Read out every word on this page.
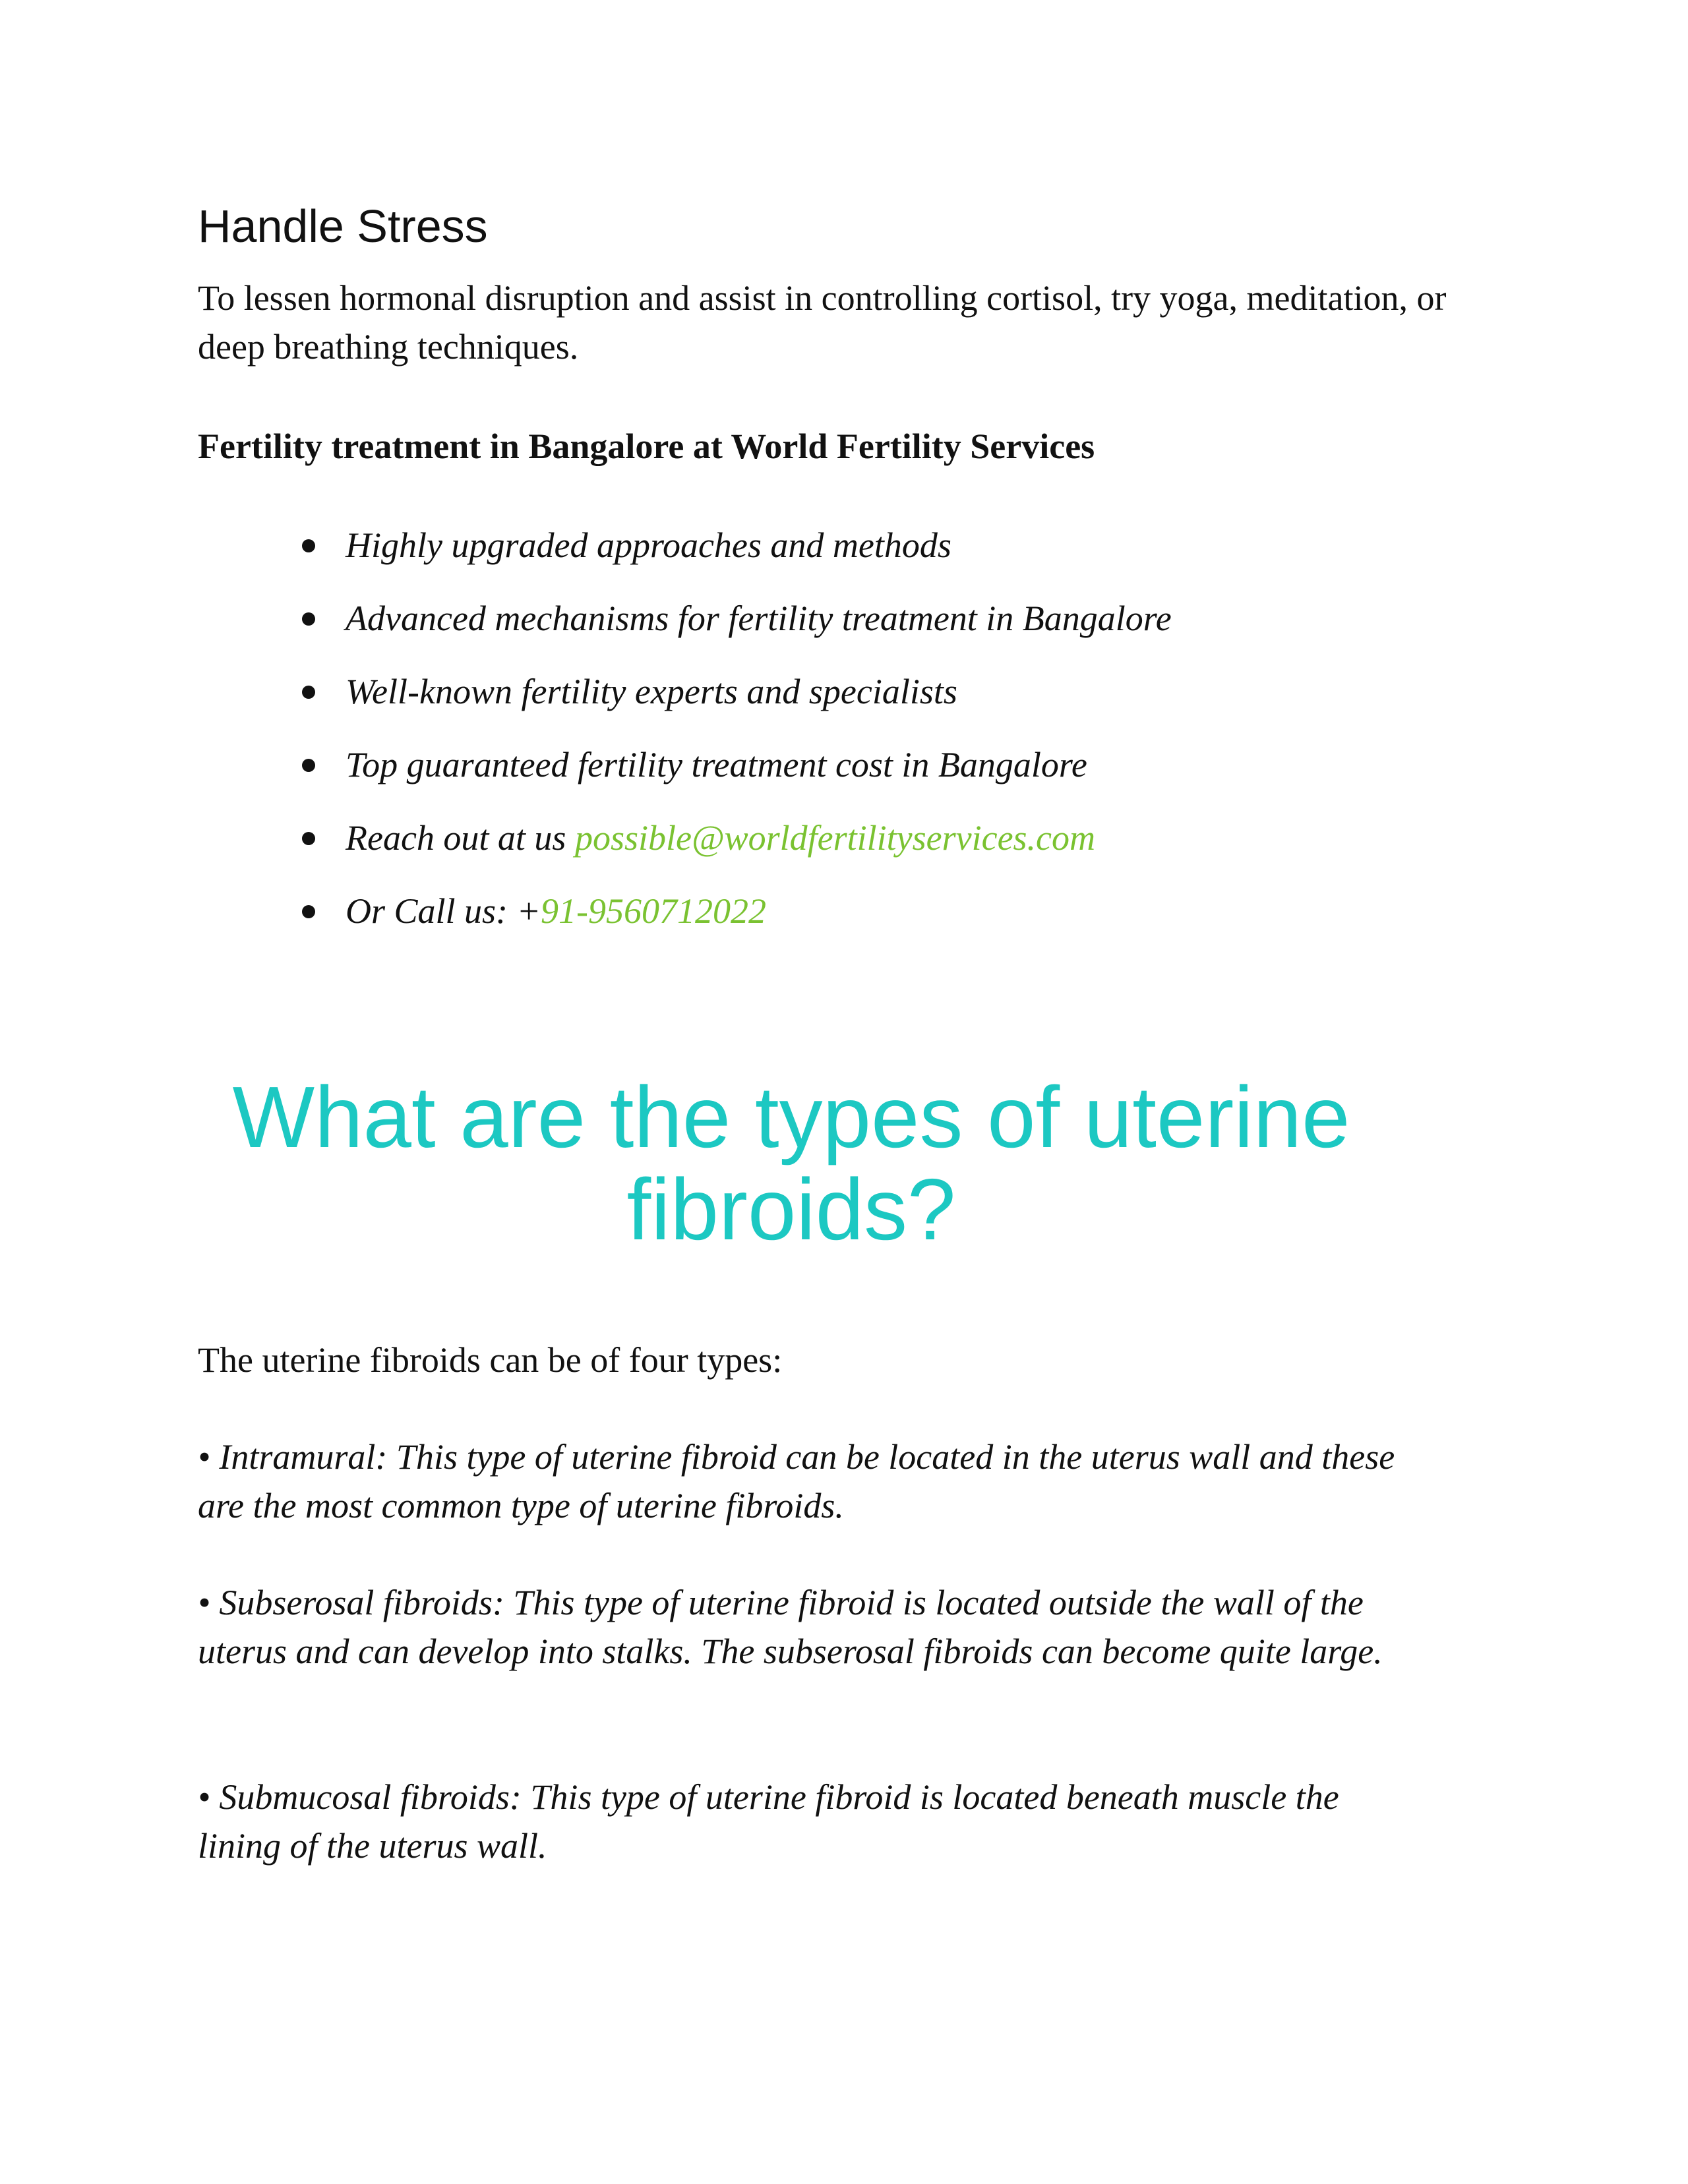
Handle Stress

To lessen hormonal disruption and assist in controlling cortisol, try yoga, meditation, or deep breathing techniques.

Fertility treatment in Bangalore at World Fertility Services
Highly upgraded approaches and methods
Advanced mechanisms for fertility treatment in Bangalore
Well-known fertility experts and specialists
Top guaranteed fertility treatment cost in Bangalore
Reach out at us possible@worldfertilityservices.com
Or Call us: +91-9560712022
What are the types of uterine
fibroids?

The uterine fibroids can be of four types:

• Intramural: This type of uterine fibroid can be located in the uterus wall and these are the most common type of uterine fibroids.

• Subserosal fibroids: This type of uterine fibroid is located outside the wall of the uterus and can develop into stalks. The subserosal fibroids can become quite large.

• Submucosal fibroids: This type of uterine fibroid is located beneath muscle the lining of the uterus wall.
